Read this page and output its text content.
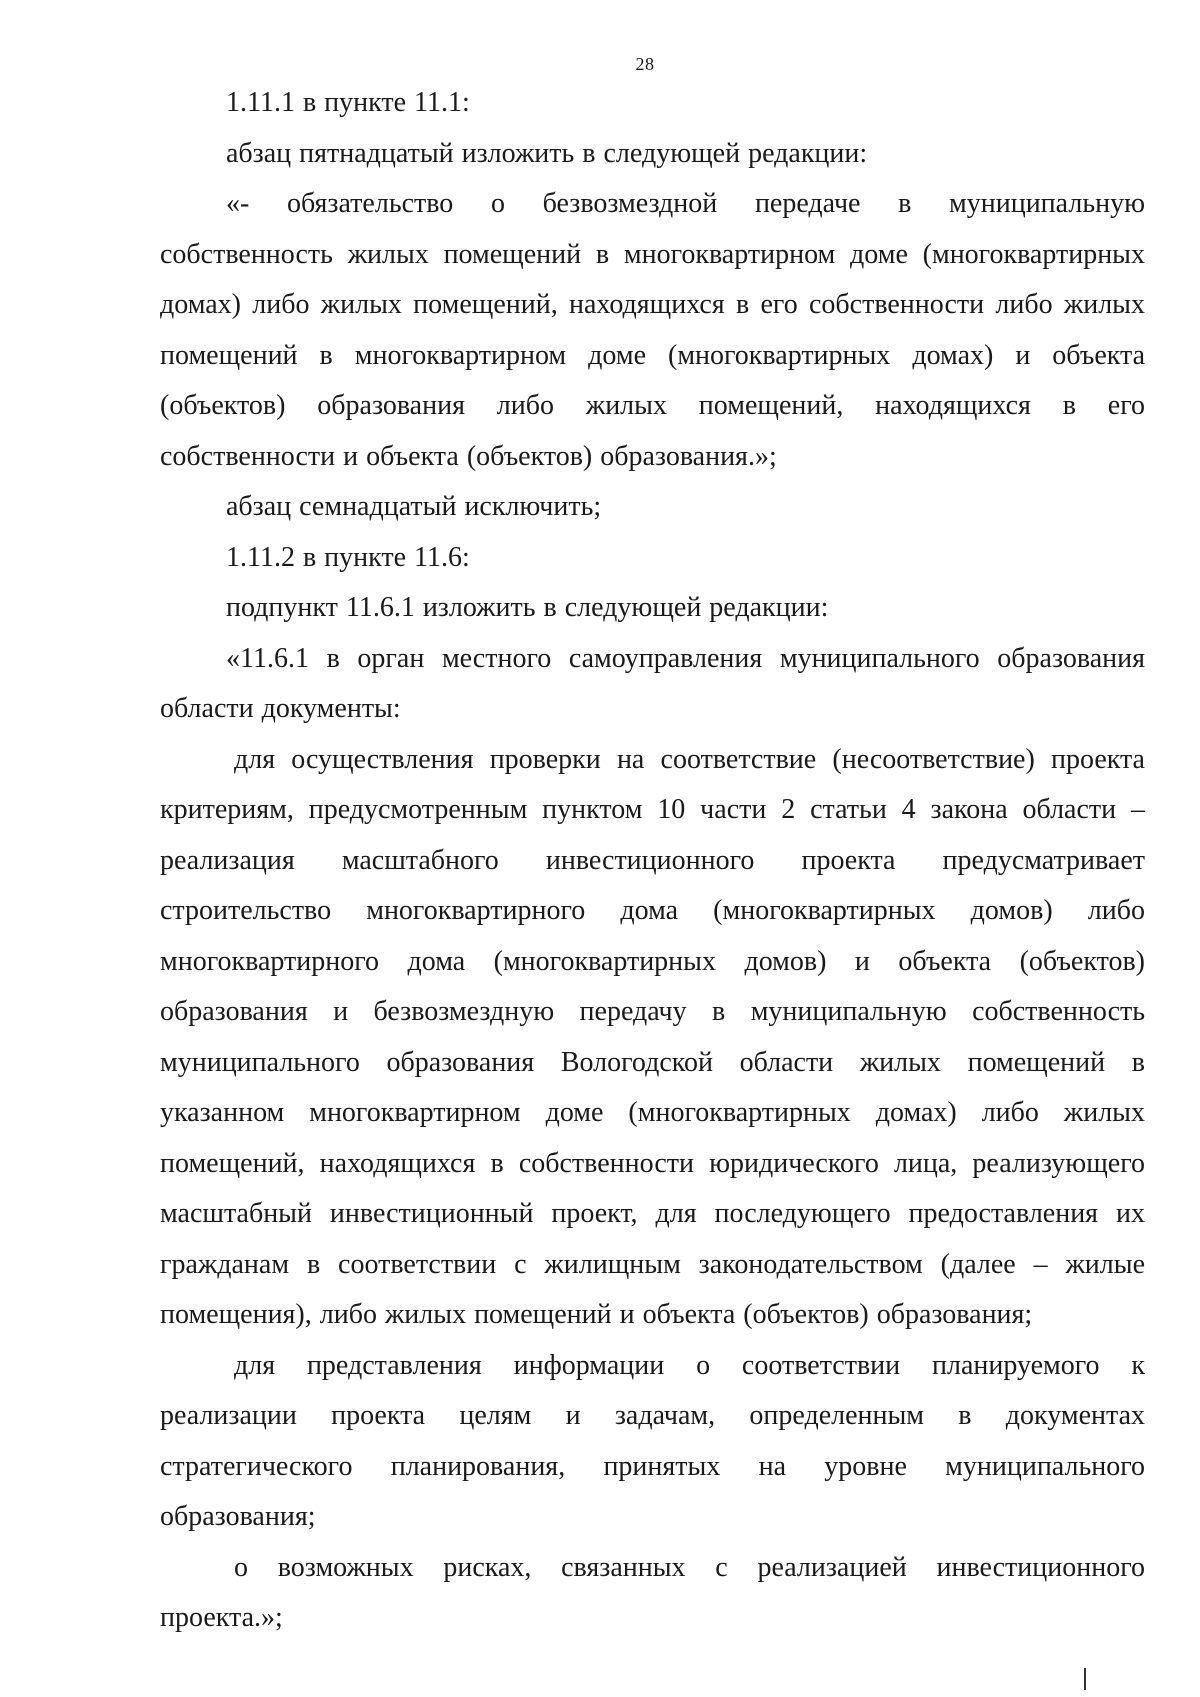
28

1.11.1 в пункте 11.1:

абзац пятнадцатый изложить в следующей редакции:

«- обязательство о безвозмездной передаче в муниципальную собственность жилых помещений в многоквартирном доме (многоквартирных домах) либо жилых помещений, находящихся в его собственности либо жилых помещений в многоквартирном доме (многоквартирных домах) и объекта (объектов) образования либо жилых помещений, находящихся в его собственности и объекта (объектов) образования.»;

абзац семнадцатый исключить;

1.11.2 в пункте 11.6:

подпункт 11.6.1 изложить в следующей редакции:

«11.6.1 в орган местного самоуправления муниципального образования области документы:

для осуществления проверки на соответствие (несоответствие) проекта критериям, предусмотренным пунктом 10 части 2 статьи 4 закона области – реализация масштабного инвестиционного проекта предусматривает строительство многоквартирного дома (многоквартирных домов) либо многоквартирного дома (многоквартирных домов) и объекта (объектов) образования и безвозмездную передачу в муниципальную собственность муниципального образования Вологодской области жилых помещений в указанном многоквартирном доме (многоквартирных домах) либо жилых помещений, находящихся в собственности юридического лица, реализующего масштабный инвестиционный проект, для последующего предоставления их гражданам в соответствии с жилищным законодательством (далее – жилые помещения), либо жилых помещений и объекта (объектов) образования;

для представления информации о соответствии планируемого к реализации проекта целям и задачам, определенным в документах стратегического планирования, принятых на уровне муниципального образования;

о возможных рисках, связанных с реализацией инвестиционного проекта.»;
